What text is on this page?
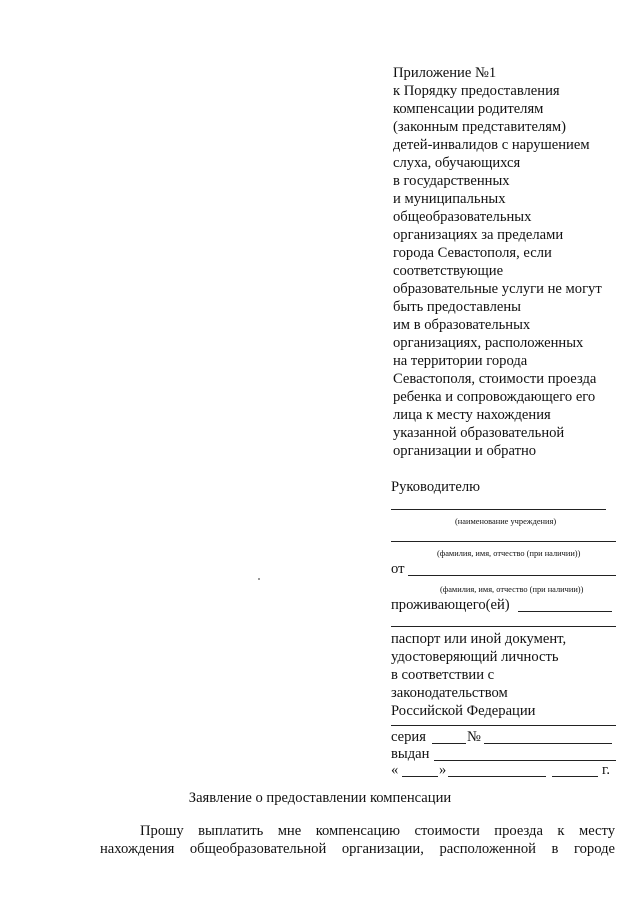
Приложение №1
к Порядку предоставления
компенсации родителям
(законным представителям)
детей-инвалидов с нарушением
слуха, обучающихся
в государственных
и муниципальных
общеобразовательных
организациях за пределами
города Севастополя, если
соответствующие
образовательные услуги не могут
быть предоставлены
им в образовательных
организациях, расположенных
на территории города
Севастополя, стоимости проезда
ребенка и сопровождающего его
лица к месту нахождения
указанной образовательной
организации и обратно
Руководителю
(наименование учреждения)
(фамилия, имя, отчество (при наличии))
от
(фамилия, имя, отчество (при наличии))
проживающего(ей)
паспорт или иной документ,
удостоверяющий личность
в соответствии с
законодательством
Российской Федерации
серия	№
выдан
«	»	г.
Заявление о предоставлении компенсации
Прошу выплатить мне компенсацию стоимости проезда к месту
нахождения общеобразовательной организации, расположенной в городе
